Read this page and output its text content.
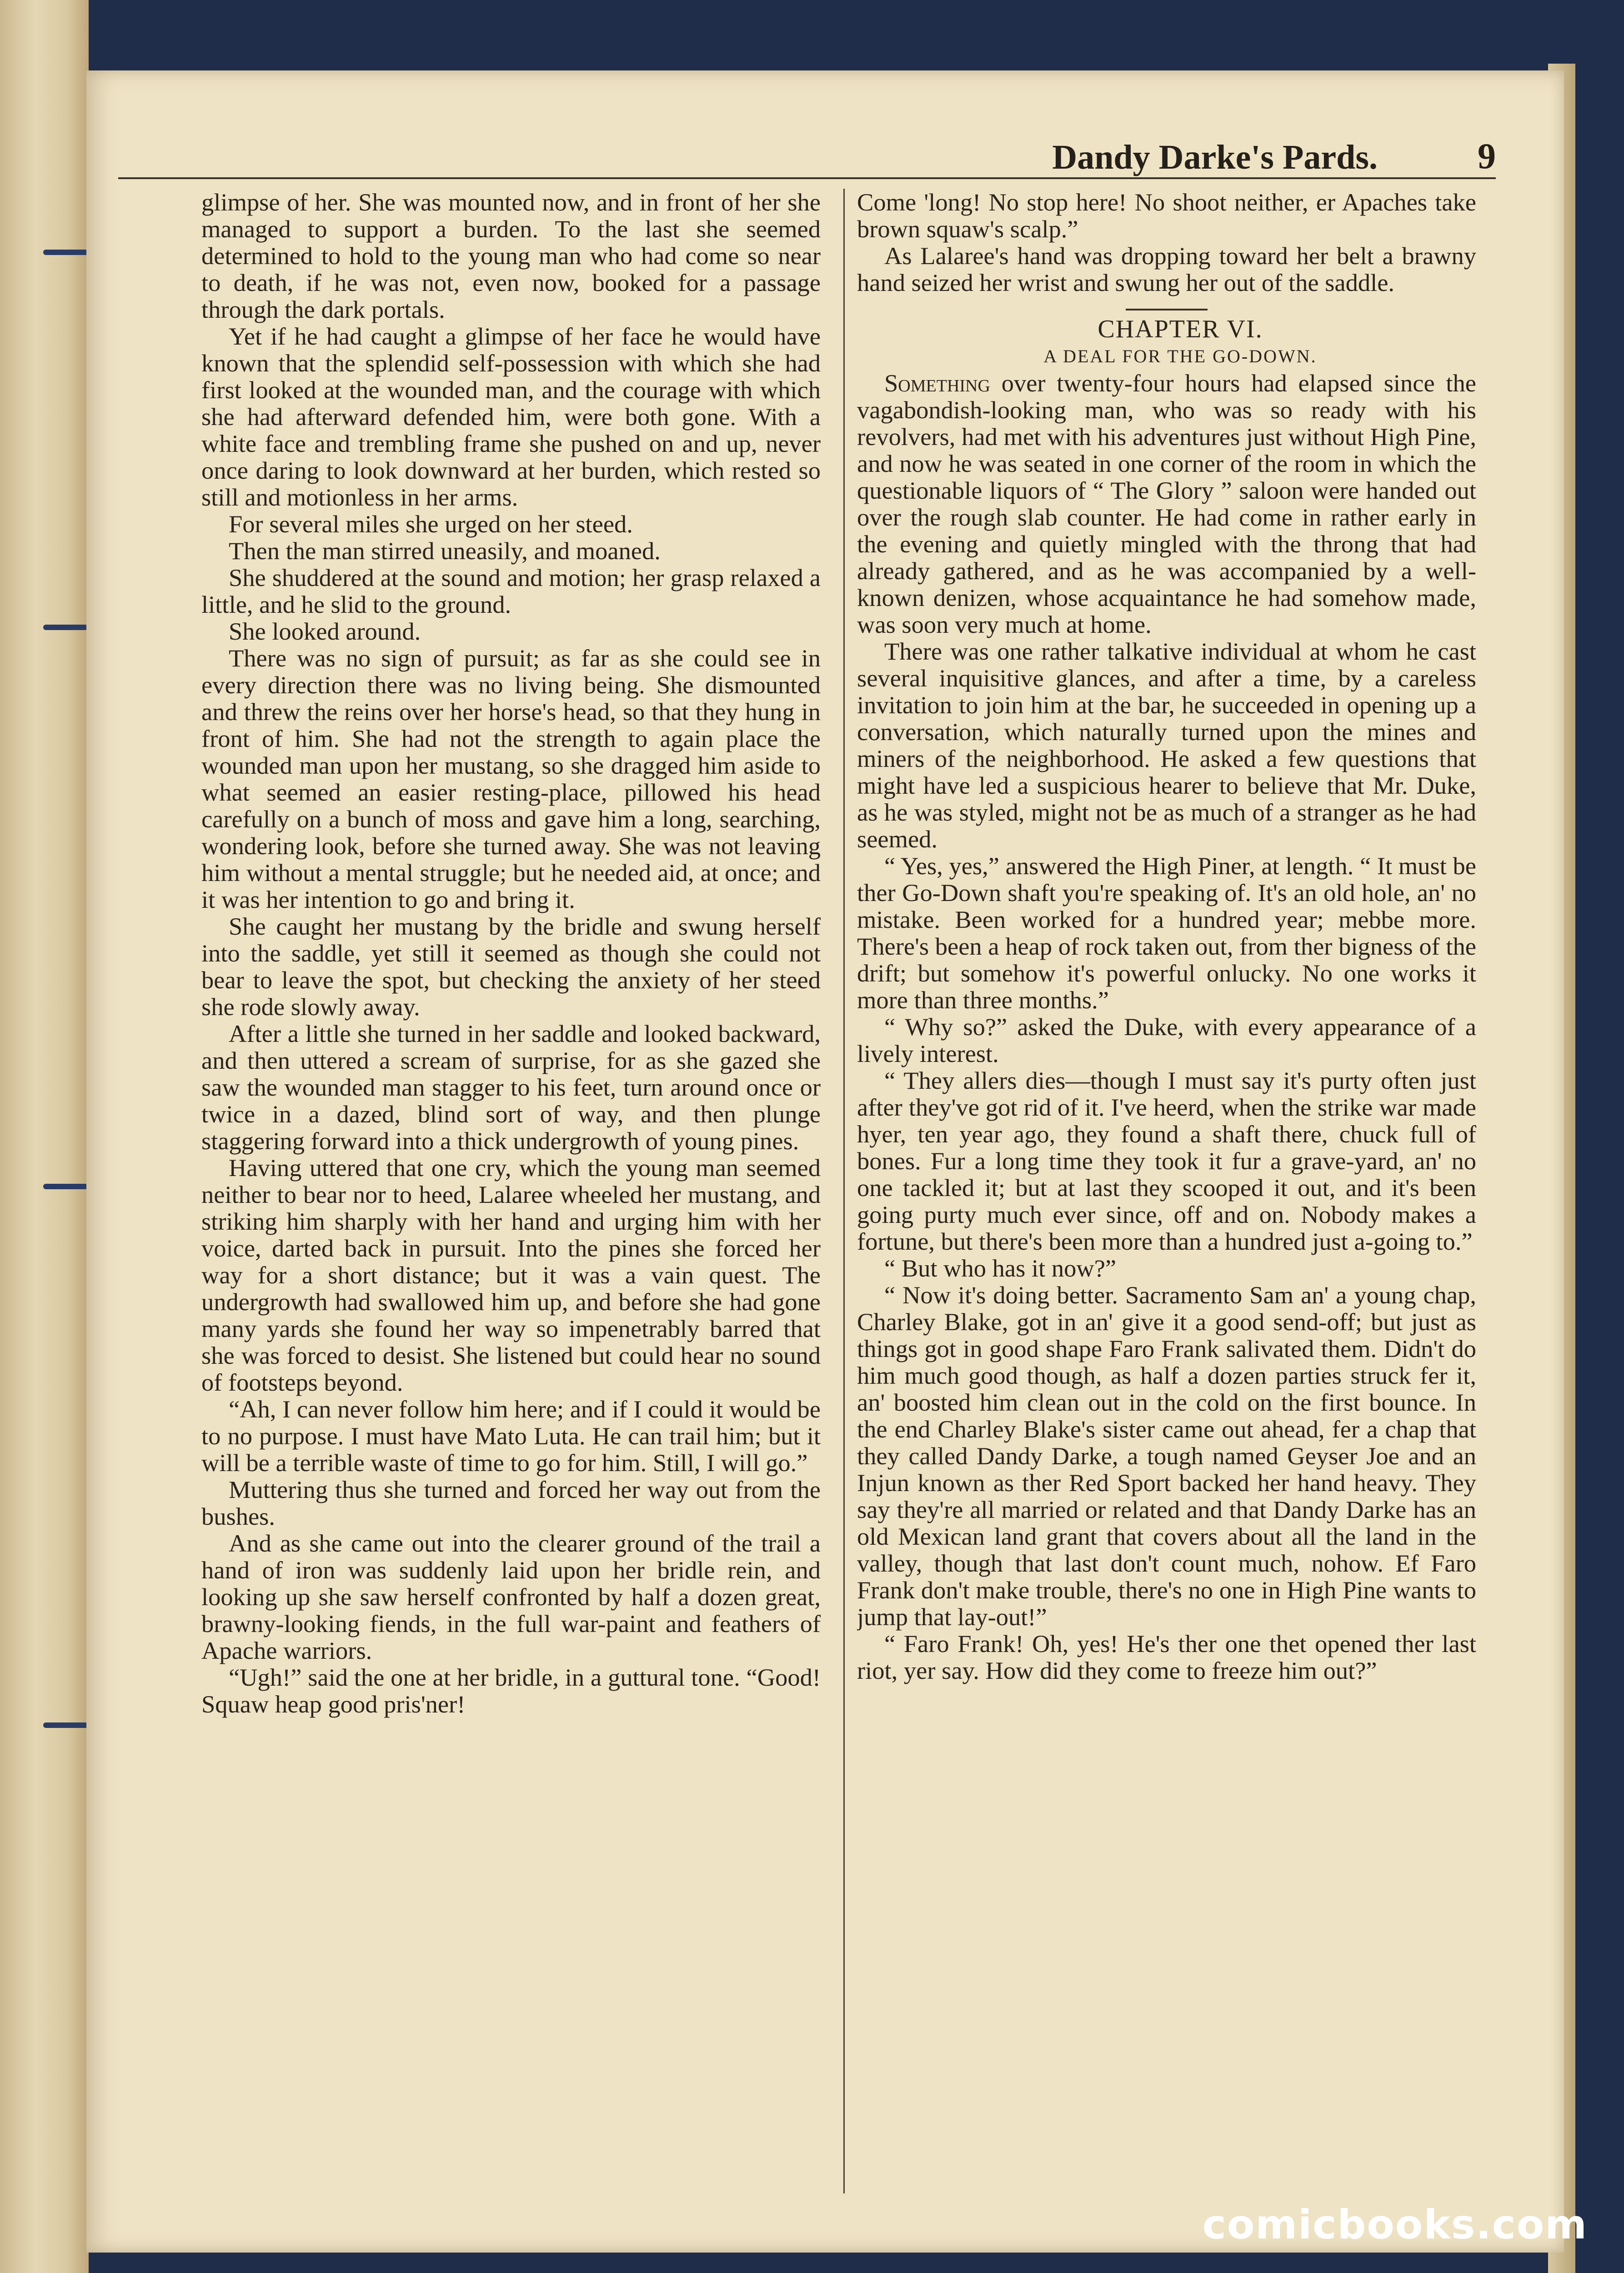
Dandy Darke's Pards.	9

glimpse of her. She was mounted now, and in front of her she managed to support a burden. To the last she seemed determined to hold to the young man who had come so near to death, if he was not, even now, booked for a passage through the dark portals.

Yet if he had caught a glimpse of her face he would have known that the splendid self-possession with which she had first looked at the wounded man, and the courage with which she had afterward defended him, were both gone. With a white face and trembling frame she pushed on and up, never once daring to look downward at her burden, which rested so still and motionless in her arms.

For several miles she urged on her steed.

Then the man stirred uneasily, and moaned.

She shuddered at the sound and motion; her grasp relaxed a little, and he slid to the ground.

She looked around.

There was no sign of pursuit; as far as she could see in every direction there was no living being. She dismounted and threw the reins over her horse's head, so that they hung in front of him. She had not the strength to again place the wounded man upon her mustang, so she dragged him aside to what seemed an easier resting-place, pillowed his head carefully on a bunch of moss and gave him a long, searching, wondering look, before she turned away. She was not leaving him without a mental struggle; but he needed aid, at once; and it was her intention to go and bring it.

She caught her mustang by the bridle and swung herself into the saddle, yet still it seemed as though she could not bear to leave the spot, but checking the anxiety of her steed she rode slowly away.

After a little she turned in her saddle and looked backward, and then uttered a scream of surprise, for as she gazed she saw the wounded man stagger to his feet, turn around once or twice in a dazed, blind sort of way, and then plunge staggering forward into a thick undergrowth of young pines.

Having uttered that one cry, which the young man seemed neither to bear nor to heed, Lalaree wheeled her mustang, and striking him sharply with her hand and urging him with her voice, darted back in pursuit. Into the pines she forced her way for a short distance; but it was a vain quest. The undergrowth had swallowed him up, and before she had gone many yards she found her way so impenetrably barred that she was forced to desist. She listened but could hear no sound of footsteps beyond.

“Ah, I can never follow him here; and if I could it would be to no purpose. I must have Mato Luta. He can trail him; but it will be a terrible waste of time to go for him. Still, I will go.”

Muttering thus she turned and forced her way out from the bushes.

And as she came out into the clearer ground of the trail a hand of iron was suddenly laid upon her bridle rein, and looking up she saw herself confronted by half a dozen great, brawny-looking fiends, in the full war-paint and feathers of Apache warriors.

“Ugh!” said the one at her bridle, in a guttural tone. “Good! Squaw heap good pris'ner!

Come 'long! No stop here! No shoot neither, er Apaches take brown squaw's scalp.”

As Lalaree's hand was dropping toward her belt a brawny hand seized her wrist and swung her out of the saddle.

CHAPTER VI.

A DEAL FOR THE GO-DOWN.

Something over twenty-four hours had elapsed since the vagabondish-looking man, who was so ready with his revolvers, had met with his adventures just without High Pine, and now he was seated in one corner of the room in which the questionable liquors of “ The Glory ” saloon were handed out over the rough slab counter. He had come in rather early in the evening and quietly mingled with the throng that had already gathered, and as he was accompanied by a well-known denizen, whose acquaintance he had somehow made, was soon very much at home.

There was one rather talkative individual at whom he cast several inquisitive glances, and after a time, by a careless invitation to join him at the bar, he succeeded in opening up a conversation, which naturally turned upon the mines and miners of the neighborhood. He asked a few questions that might have led a suspicious hearer to believe that Mr. Duke, as he was styled, might not be as much of a stranger as he had seemed.

“ Yes, yes,” answered the High Piner, at length. “ It must be ther Go-Down shaft you're speaking of. It's an old hole, an' no mistake. Been worked for a hundred year; mebbe more. There's been a heap of rock taken out, from ther bigness of the drift; but somehow it's powerful onlucky. No one works it more than three months.”

“ Why so?” asked the Duke, with every appearance of a lively interest.

“ They allers dies—though I must say it's purty often just after they've got rid of it. I've heerd, when the strike war made hyer, ten year ago, they found a shaft there, chuck full of bones. Fur a long time they took it fur a grave-yard, an' no one tackled it; but at last they scooped it out, and it's been going purty much ever since, off and on. Nobody makes a fortune, but there's been more than a hundred just a-going to.”

“ But who has it now?”

“ Now it's doing better. Sacramento Sam an' a young chap, Charley Blake, got in an' give it a good send-off; but just as things got in good shape Faro Frank salivated them. Didn't do him much good though, as half a dozen parties struck fer it, an' boosted him clean out in the cold on the first bounce. In the end Charley Blake's sister came out ahead, fer a chap that they called Dandy Darke, a tough named Geyser Joe and an Injun known as ther Red Sport backed her hand heavy. They say they're all married or related and that Dandy Darke has an old Mexican land grant that covers about all the land in the valley, though that last don't count much, nohow. Ef Faro Frank don't make trouble, there's no one in High Pine wants to jump that lay-out!”

“ Faro Frank! Oh, yes! He's ther one thet opened ther last riot, yer say. How did they come to freeze him out?”

comicbooks.com
